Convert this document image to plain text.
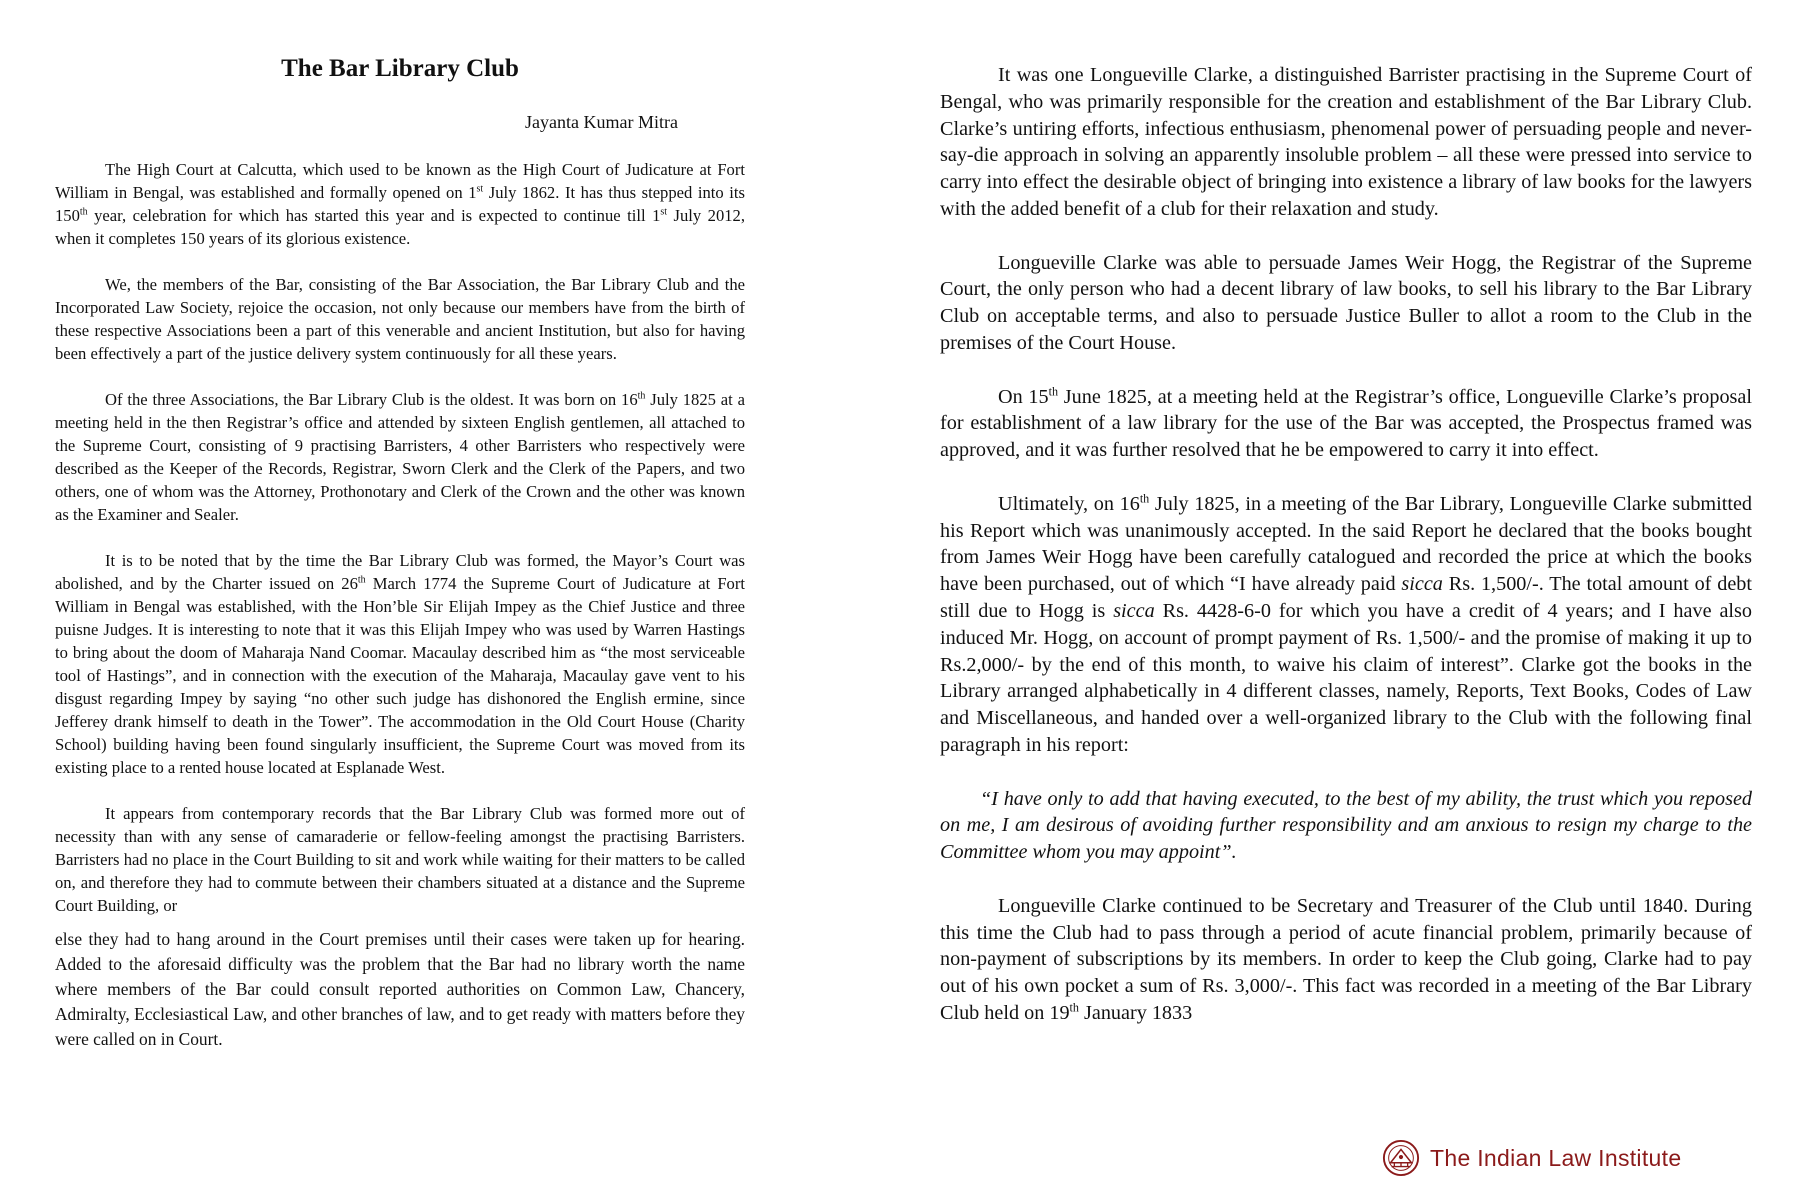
The Bar Library Club

Jayanta Kumar Mitra

The High Court at Calcutta, which used to be known as the High Court of Judicature at Fort William in Bengal, was established and formally opened on 1st July 1862. It has thus stepped into its 150th year, celebration for which has started this year and is expected to continue till 1st July 2012, when it completes 150 years of its glorious existence.

We, the members of the Bar, consisting of the Bar Association, the Bar Library Club and the Incorporated Law Society, rejoice the occasion, not only because our members have from the birth of these respective Associations been a part of this venerable and ancient Institution, but also for having been effectively a part of the justice delivery system continuously for all these years.

Of the three Associations, the Bar Library Club is the oldest. It was born on 16th July 1825 at a meeting held in the then Registrar’s office and attended by sixteen English gentlemen, all attached to the Supreme Court, consisting of 9 practising Barristers, 4 other Barristers who respectively were described as the Keeper of the Records, Registrar, Sworn Clerk and the Clerk of the Papers, and two others, one of whom was the Attorney, Prothonotary and Clerk of the Crown and the other was known as the Examiner and Sealer.

It is to be noted that by the time the Bar Library Club was formed, the Mayor’s Court was abolished, and by the Charter issued on 26th March 1774 the Supreme Court of Judicature at Fort William in Bengal was established, with the Hon’ble Sir Elijah Impey as the Chief Justice and three puisne Judges. It is interesting to note that it was this Elijah Impey who was used by Warren Hastings to bring about the doom of Maharaja Nand Coomar. Macaulay described him as “the most serviceable tool of Hastings”, and in connection with the execution of the Maharaja, Macaulay gave vent to his disgust regarding Impey by saying “no other such judge has dishonored the English ermine, since Jefferey drank himself to death in the Tower”. The accommodation in the Old Court House (Charity School) building having been found singularly insufficient, the Supreme Court was moved from its existing place to a rented house located at Esplanade West.

It appears from contemporary records that the Bar Library Club was formed more out of necessity than with any sense of camaraderie or fellow-feeling amongst the practising Barristers. Barristers had no place in the Court Building to sit and work while waiting for their matters to be called on, and therefore they had to commute between their chambers situated at a distance and the Supreme Court Building, or

else they had to hang around in the Court premises until their cases were taken up for hearing. Added to the aforesaid difficulty was the problem that the Bar had no library worth the name where members of the Bar could consult reported authorities on Common Law, Chancery, Admiralty, Ecclesiastical Law, and other branches of law, and to get ready with matters before they were called on in Court.

It was one Longueville Clarke, a distinguished Barrister practising in the Supreme Court of Bengal, who was primarily responsible for the creation and establishment of the Bar Library Club. Clarke’s untiring efforts, infectious enthusiasm, phenomenal power of persuading people and never-say-die approach in solving an apparently insoluble problem – all these were pressed into service to carry into effect the desirable object of bringing into existence a library of law books for the lawyers with the added benefit of a club for their relaxation and study.

Longueville Clarke was able to persuade James Weir Hogg, the Registrar of the Supreme Court, the only person who had a decent library of law books, to sell his library to the Bar Library Club on acceptable terms, and also to persuade Justice Buller to allot a room to the Club in the premises of the Court House.

On 15th June 1825, at a meeting held at the Registrar’s office, Longueville Clarke’s proposal for establishment of a law library for the use of the Bar was accepted, the Prospectus framed was approved, and it was further resolved that he be empowered to carry it into effect.

Ultimately, on 16th July 1825, in a meeting of the Bar Library, Longueville Clarke submitted his Report which was unanimously accepted. In the said Report he declared that the books bought from James Weir Hogg have been carefully catalogued and recorded the price at which the books have been purchased, out of which “I have already paid sicca Rs. 1,500/-. The total amount of debt still due to Hogg is sicca Rs. 4428-6-0 for which you have a credit of 4 years; and I have also induced Mr. Hogg, on account of prompt payment of Rs. 1,500/- and the promise of making it up to Rs.2,000/- by the end of this month, to waive his claim of interest”. Clarke got the books in the Library arranged alphabetically in 4 different classes, namely, Reports, Text Books, Codes of Law and Miscellaneous, and handed over a well-organized library to the Club with the following final paragraph in his report:

“I have only to add that having executed, to the best of my ability, the trust which you reposed on me, I am desirous of avoiding further responsibility and am anxious to resign my charge to the Committee whom you may appoint”.

Longueville Clarke continued to be Secretary and Treasurer of the Club until 1840. During this time the Club had to pass through a period of acute financial problem, primarily because of non-payment of subscriptions by its members. In order to keep the Club going, Clarke had to pay out of his own pocket a sum of Rs. 3,000/-. This fact was recorded in a meeting of the Bar Library Club held on 19th January 1833

The Indian Law Institute
